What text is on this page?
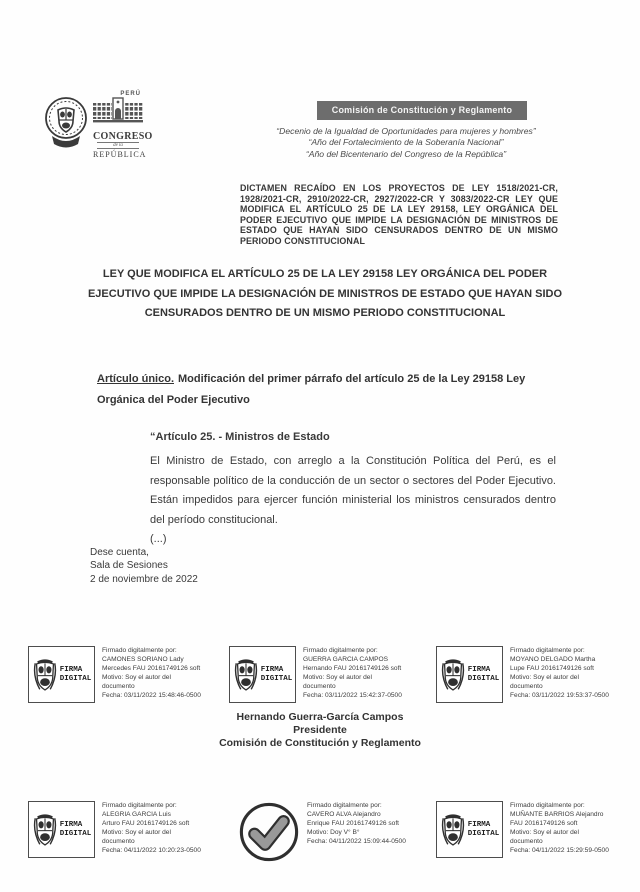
PERÚ
CONGRESO
de la
REPÚBLICA
Comisión de Constitución y Reglamento
“Decenio de la Igualdad de Oportunidades para mujeres y hombres”
“Año del Fortalecimiento de la Soberanía Nacional”
“Año del Bicentenario del Congreso de la República”
DICTAMEN RECAÍDO EN LOS PROYECTOS DE LEY 1518/2021-CR, 1928/2021-CR, 2910/2022-CR, 2927/2022-CR Y 3083/2022-CR LEY QUE MODIFICA EL ARTÍCULO 25 DE LA LEY 29158, LEY ORGÁNICA DEL PODER EJECUTIVO QUE IMPIDE LA DESIGNACIÓN DE MINISTROS DE ESTADO QUE HAYAN SIDO CENSURADOS DENTRO DE UN MISMO PERIODO CONSTITUCIONAL
LEY QUE MODIFICA EL ARTÍCULO 25 DE LA LEY 29158 LEY ORGÁNICA DEL PODER EJECUTIVO QUE IMPIDE LA DESIGNACIÓN DE MINISTROS DE ESTADO QUE HAYAN SIDO CENSURADOS DENTRO DE UN MISMO PERIODO CONSTITUCIONAL
Artículo único. Modificación del primer párrafo del artículo 25 de la Ley 29158 Ley Orgánica del Poder Ejecutivo
“Artículo 25. - Ministros de Estado
El Ministro de Estado, con arreglo a la Constitución Política del Perú, es el responsable político de la conducción de un sector o sectores del Poder Ejecutivo. Están impedidos para ejercer función ministerial los ministros censurados dentro del período constitucional.
(...)
Dese cuenta,
Sala de Sesiones
2 de noviembre de 2022
FIRMA
DIGITAL
Firmado digitalmente por:
CAMONES SORIANO Lady
Mercedes FAU 20161749126 soft
Motivo: Soy el autor del
documento
Fecha: 03/11/2022 15:48:46-0500
FIRMA
DIGITAL
Firmado digitalmente por:
GUERRA GARCIA CAMPOS
Hernando FAU 20161749126 soft
Motivo: Soy el autor del
documento
Fecha: 03/11/2022 15:42:37-0500
FIRMA
DIGITAL
Firmado digitalmente por:
MOYANO DELGADO Martha
Lupe FAU 20161749126 soft
Motivo: Soy el autor del
documento
Fecha: 03/11/2022 19:53:37-0500
Hernando Guerra-García Campos
Presidente
Comisión de Constitución y Reglamento
FIRMA
DIGITAL
Firmado digitalmente por:
ALEGRIA GARCIA Luis
Arturo FAU 20161749126 soft
Motivo: Soy el autor del
documento
Fecha: 04/11/2022 10:20:23-0500
Firmado digitalmente por:
CAVERO ALVA Alejandro
Enrique FAU 20161749126 soft
Motivo: Doy V° B°
Fecha: 04/11/2022 15:09:44-0500
FIRMA
DIGITAL
Firmado digitalmente por:
MUÑANTE BARRIOS Alejandro
FAU 20161749126 soft
Motivo: Soy el autor del
documento
Fecha: 04/11/2022 15:29:59-0500
